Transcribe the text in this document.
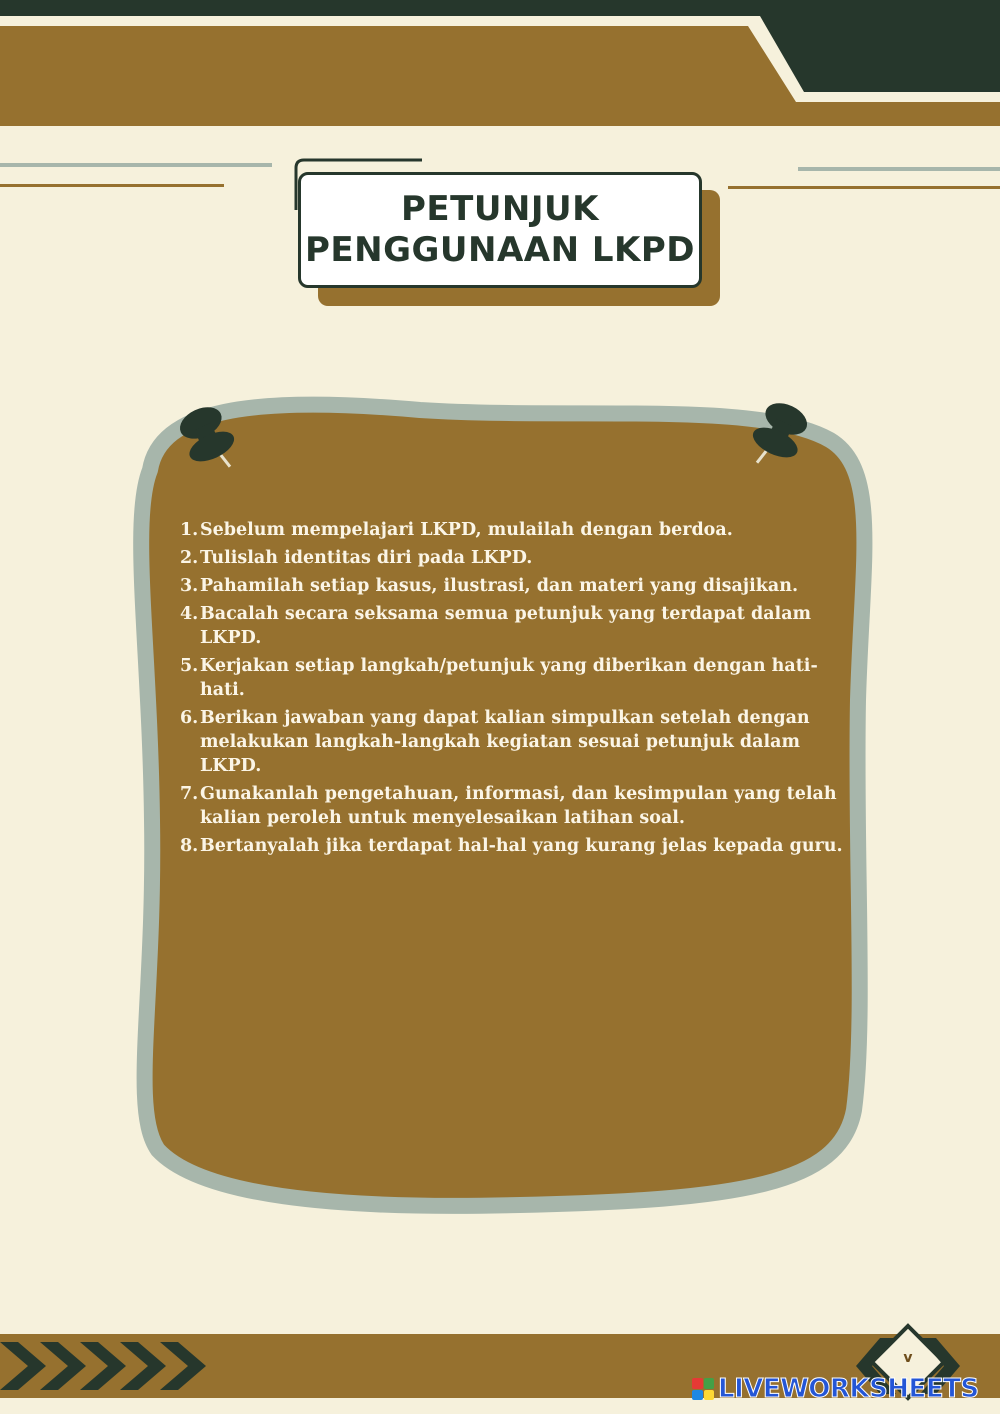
PETUNJUK
PENGGUNAAN LKPD
1. Sebelum mempelajari LKPD, mulailah dengan berdoa.
2. Tulislah identitas diri pada LKPD.
3. Pahamilah setiap kasus, ilustrasi, dan materi yang disajikan.
4. Bacalah secara seksama semua petunjuk yang terdapat dalam LKPD.
5. Kerjakan setiap langkah/petunjuk yang diberikan dengan hati-hati.
6. Berikan jawaban yang dapat kalian simpulkan setelah dengan melakukan langkah-langkah kegiatan sesuai petunjuk dalam LKPD.
7. Gunakanlah pengetahuan, informasi, dan kesimpulan yang telah kalian peroleh untuk menyelesaikan latihan soal.
8. Bertanyalah jika terdapat hal-hal yang kurang jelas kepada guru.
v
LIVEWORKSHEETS
